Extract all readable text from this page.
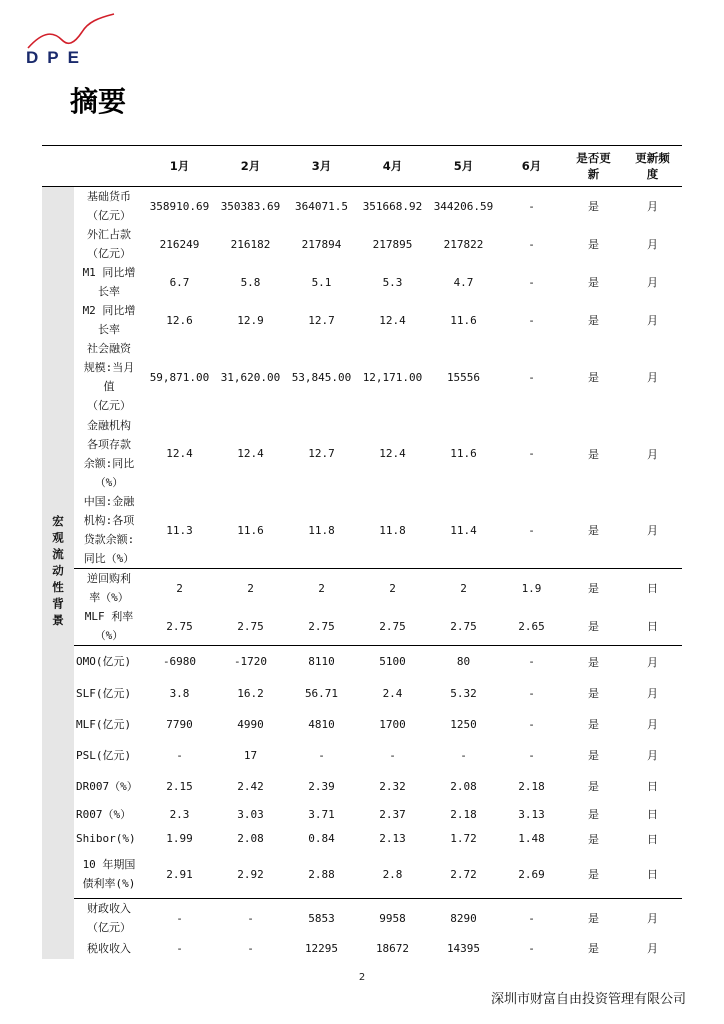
DPE
摘要
		1月	2月	3月	4月	5月	6月	是否更
新	更新频
度
宏观流动性背景	基础货币
（亿元）	358910.69	350383.69	364071.5	351668.92	344206.59	-	是	月
	外汇占款
（亿元）	216249	216182	217894	217895	217822	-	是	月
	M1 同比增
长率	6.7	5.8	5.1	5.3	4.7	-	是	月
	M2 同比增
长率	12.6	12.9	12.7	12.4	11.6	-	是	月
	社会融资
规模:当月
值
（亿元）	59,871.00	31,620.00	53,845.00	12,171.00	15556	-	是	月
	金融机构
各项存款
余额:同比
（%）	12.4	12.4	12.7	12.4	11.6	-	是	月
	中国:金融
机构:各项
贷款余额:
同比（%）	11.3	11.6	11.8	11.8	11.4	-	是	月
	逆回购利
率（%）	2	2	2	2	2	1.9	是	日
	MLF 利率
（%）	2.75	2.75	2.75	2.75	2.75	2.65	是	日
	OMO(亿元)	-6980	-1720	8110	5100	80	-	是	月
	SLF(亿元)	3.8	16.2	56.71	2.4	5.32	-	是	月
	MLF(亿元)	7790	4990	4810	1700	1250	-	是	月
	PSL(亿元)	-	17	-	-	-	-	是	月
	DR007（%）	2.15	2.42	2.39	2.32	2.08	2.18	是	日
	R007（%）	2.3	3.03	3.71	2.37	2.18	3.13	是	日
	Shibor(%)	1.99	2.08	0.84	2.13	1.72	1.48	是	日
	10 年期国
债利率(%)	2.91	2.92	2.88	2.8	2.72	2.69	是	日
	财政收入
（亿元）	-	-	5853	9958	8290	-	是	月
	税收收入	-	-	12295	18672	14395	-	是	月
2
深圳市财富自由投资管理有限公司
